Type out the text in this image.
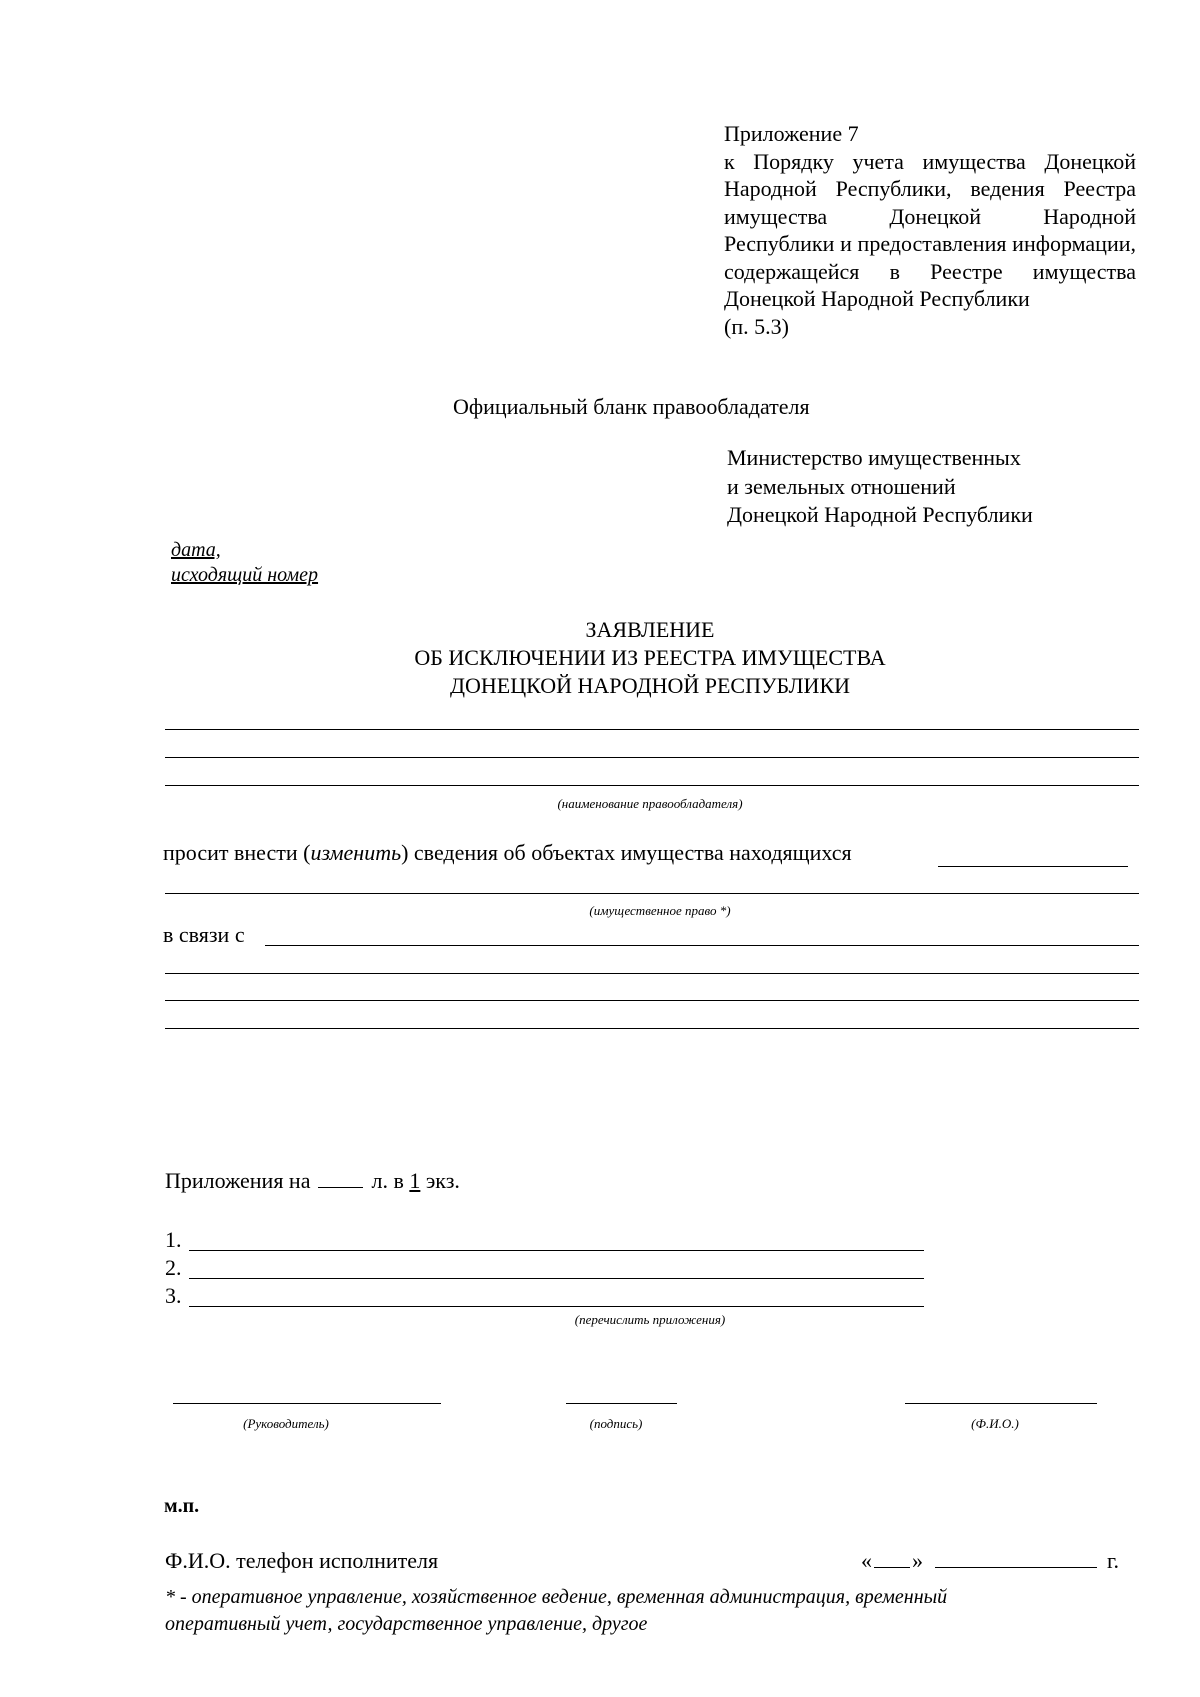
Приложение 7
к Порядку учета имущества Донецкой Народной Республики, ведения Реестра имущества Донецкой Народной Республики и предоставления информации, содержащейся в Реестре имущества Донецкой Народной Республики
(п. 5.3)
Официальный бланк правообладателя
Министерство имущественных
и земельных отношений
Донецкой Народной Республики
дата,
исходящий номер
ЗАЯВЛЕНИЕ
ОБ ИСКЛЮЧЕНИИ ИЗ РЕЕСТРА ИМУЩЕСТВА
ДОНЕЦКОЙ НАРОДНОЙ РЕСПУБЛИКИ
(наименование правообладателя)
просит внести (изменить) сведения об объектах имущества находящихся
(имущественное право *)
в связи с
Приложения на	л. в 1 экз.
1.
2.
3.
(перечислить приложения)
(Руководитель)	(подпись)	(Ф.И.О.)
м.п.
Ф.И.О. телефон исполнителя	« »	г.
* - оперативное управление, хозяйственное ведение, временная администрация, временный оперативный учет, государственное управление, другое
